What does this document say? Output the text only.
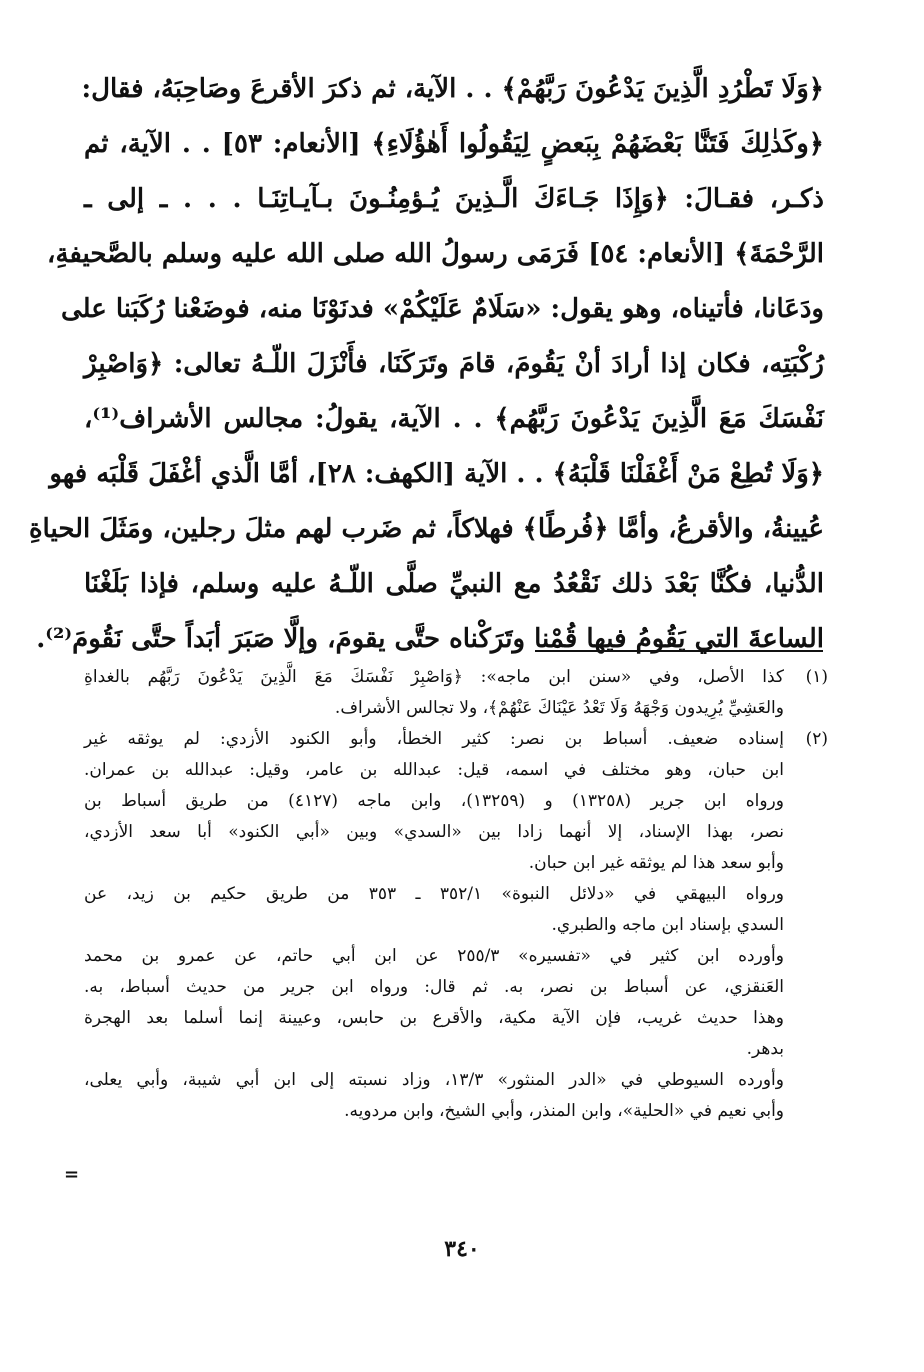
﴿وَلَا تَطْرُدِ الَّذِينَ يَدْعُونَ رَبَّهُمْ﴾ . . الآية، ثم ذكرَ الأقرعَ وصَاحِبَهُ، فقال:
﴿وكَذٰلِكَ فَتَنَّا بَعْضَهُمْ بِبَعضٍ لِيَقُولُوا أَهٰؤُلَاءِ﴾ [الأنعام: ٥٣] . . الآية، ثم
ذكـر، فقـالَ: ﴿وَإِذَا جَـاءَكَ الَّـذِينَ يُـؤمِنُـونَ بـآيـاتِنَـا . . . ـ إلى ـ
الرَّحْمَةَ﴾ [الأنعام: ٥٤] فَرَمَى رسولُ الله صلى الله عليه وسلم بالصَّحيفةِ،
ودَعَانا، فأتيناه، وهو يقول: «سَلَامٌ عَلَيْكُمْ» فدنَوْنَا منه، فوضَعْنا رُكَبَنا على
رُكْبَتِه، فكان إذا أرادَ أنْ يَقُومَ، قامَ وتَرَكَنَا، فأَنْزَلَ اللّـهُ تعالى: ﴿وَاصْبِرْ
نَفْسَكَ مَعَ الَّذِينَ يَدْعُونَ رَبَّهُم﴾ . . الآية، يقولُ: مجالس الأشراف⁽¹⁾،
﴿وَلَا تُطِعْ مَنْ أَغْفَلْنَا قَلْبَهُ﴾ . . الآية [الكهف: ٢٨]، أمَّا الَّذي أغْفَلَ قَلْبَه فهو
عُيينةُ، والأقرعُ، وأمَّا ﴿فُرطًا﴾ فهلاكاً، ثم ضَرب لهم مثلَ رجلين، ومَثَلَ الحياةِ
الدُّنيا، فكُنَّا بَعْدَ ذلك نَقْعُدُ مع النبيِّ صلَّى اللّـهُ عليه وسلم، فإذا بَلَغْنَا
الساعةَ التي يَقُومُ فيها قُمْنا وتَرَكْناه حتَّى يقومَ، وإلَّا صَبَرَ أبَداً حتَّى نَقُومَ⁽²⁾.
(١)
كذا الأصل، وفي «سنن ابن ماجه»: ﴿وَاصْبِرْ نَفْسَكَ مَعَ الَّذِينَ يَدْعُونَ رَبَّهُم بالغداةِ
والعَشِيِّ يُرِيدون وَجْهَهُ وَلَا تَعْدُ عَيْنَاكَ عَنْهُمْ﴾، ولا تجالس الأشراف.
(٢)
إسناده ضعيف. أسباط بن نصر: كثير الخطأ، وأبو الكنود الأزدي: لم يوثقه غير
ابن حبان، وهو مختلف في اسمه، قيل: عبدالله بن عامر، وقيل: عبدالله بن عمران.
ورواه ابن جرير (١٣٢٥٨) و (١٣٢٥٩)، وابن ماجه (٤١٢٧) من طريق أسباط بن
نصر، بهذا الإسناد، إلا أنهما زادا بين «السدي» وبين «أبي الكنود» أبا سعد الأزدي،
وأبو سعد هذا لم يوثقه غير ابن حبان.
ورواه البيهقي في «دلائل النبوة» ٣٥٢/١ ـ ٣٥٣ من طريق حكيم بن زيد، عن
السدي بإسناد ابن ماجه والطبري.
وأورده ابن كثير في «تفسيره» ٢٥٥/٣ عن ابن أبي حاتم، عن عمرو بن محمد
العَنقزي، عن أسباط بن نصر، به. ثم قال: ورواه ابن جرير من حديث أسباط، به.
وهذا حديث غريب، فإن الآية مكية، والأقرع بن حابس، وعيينة إنما أسلما بعد الهجرة
بدهر.
وأورده السيوطي في «الدر المنثور» ١٣/٣، وزاد نسبته إلى ابن أبي شيبة، وأبي يعلى،
وأبي نعيم في «الحلية»، وابن المنذر، وأبي الشيخ، وابن مردويه.
=
٣٤٠
